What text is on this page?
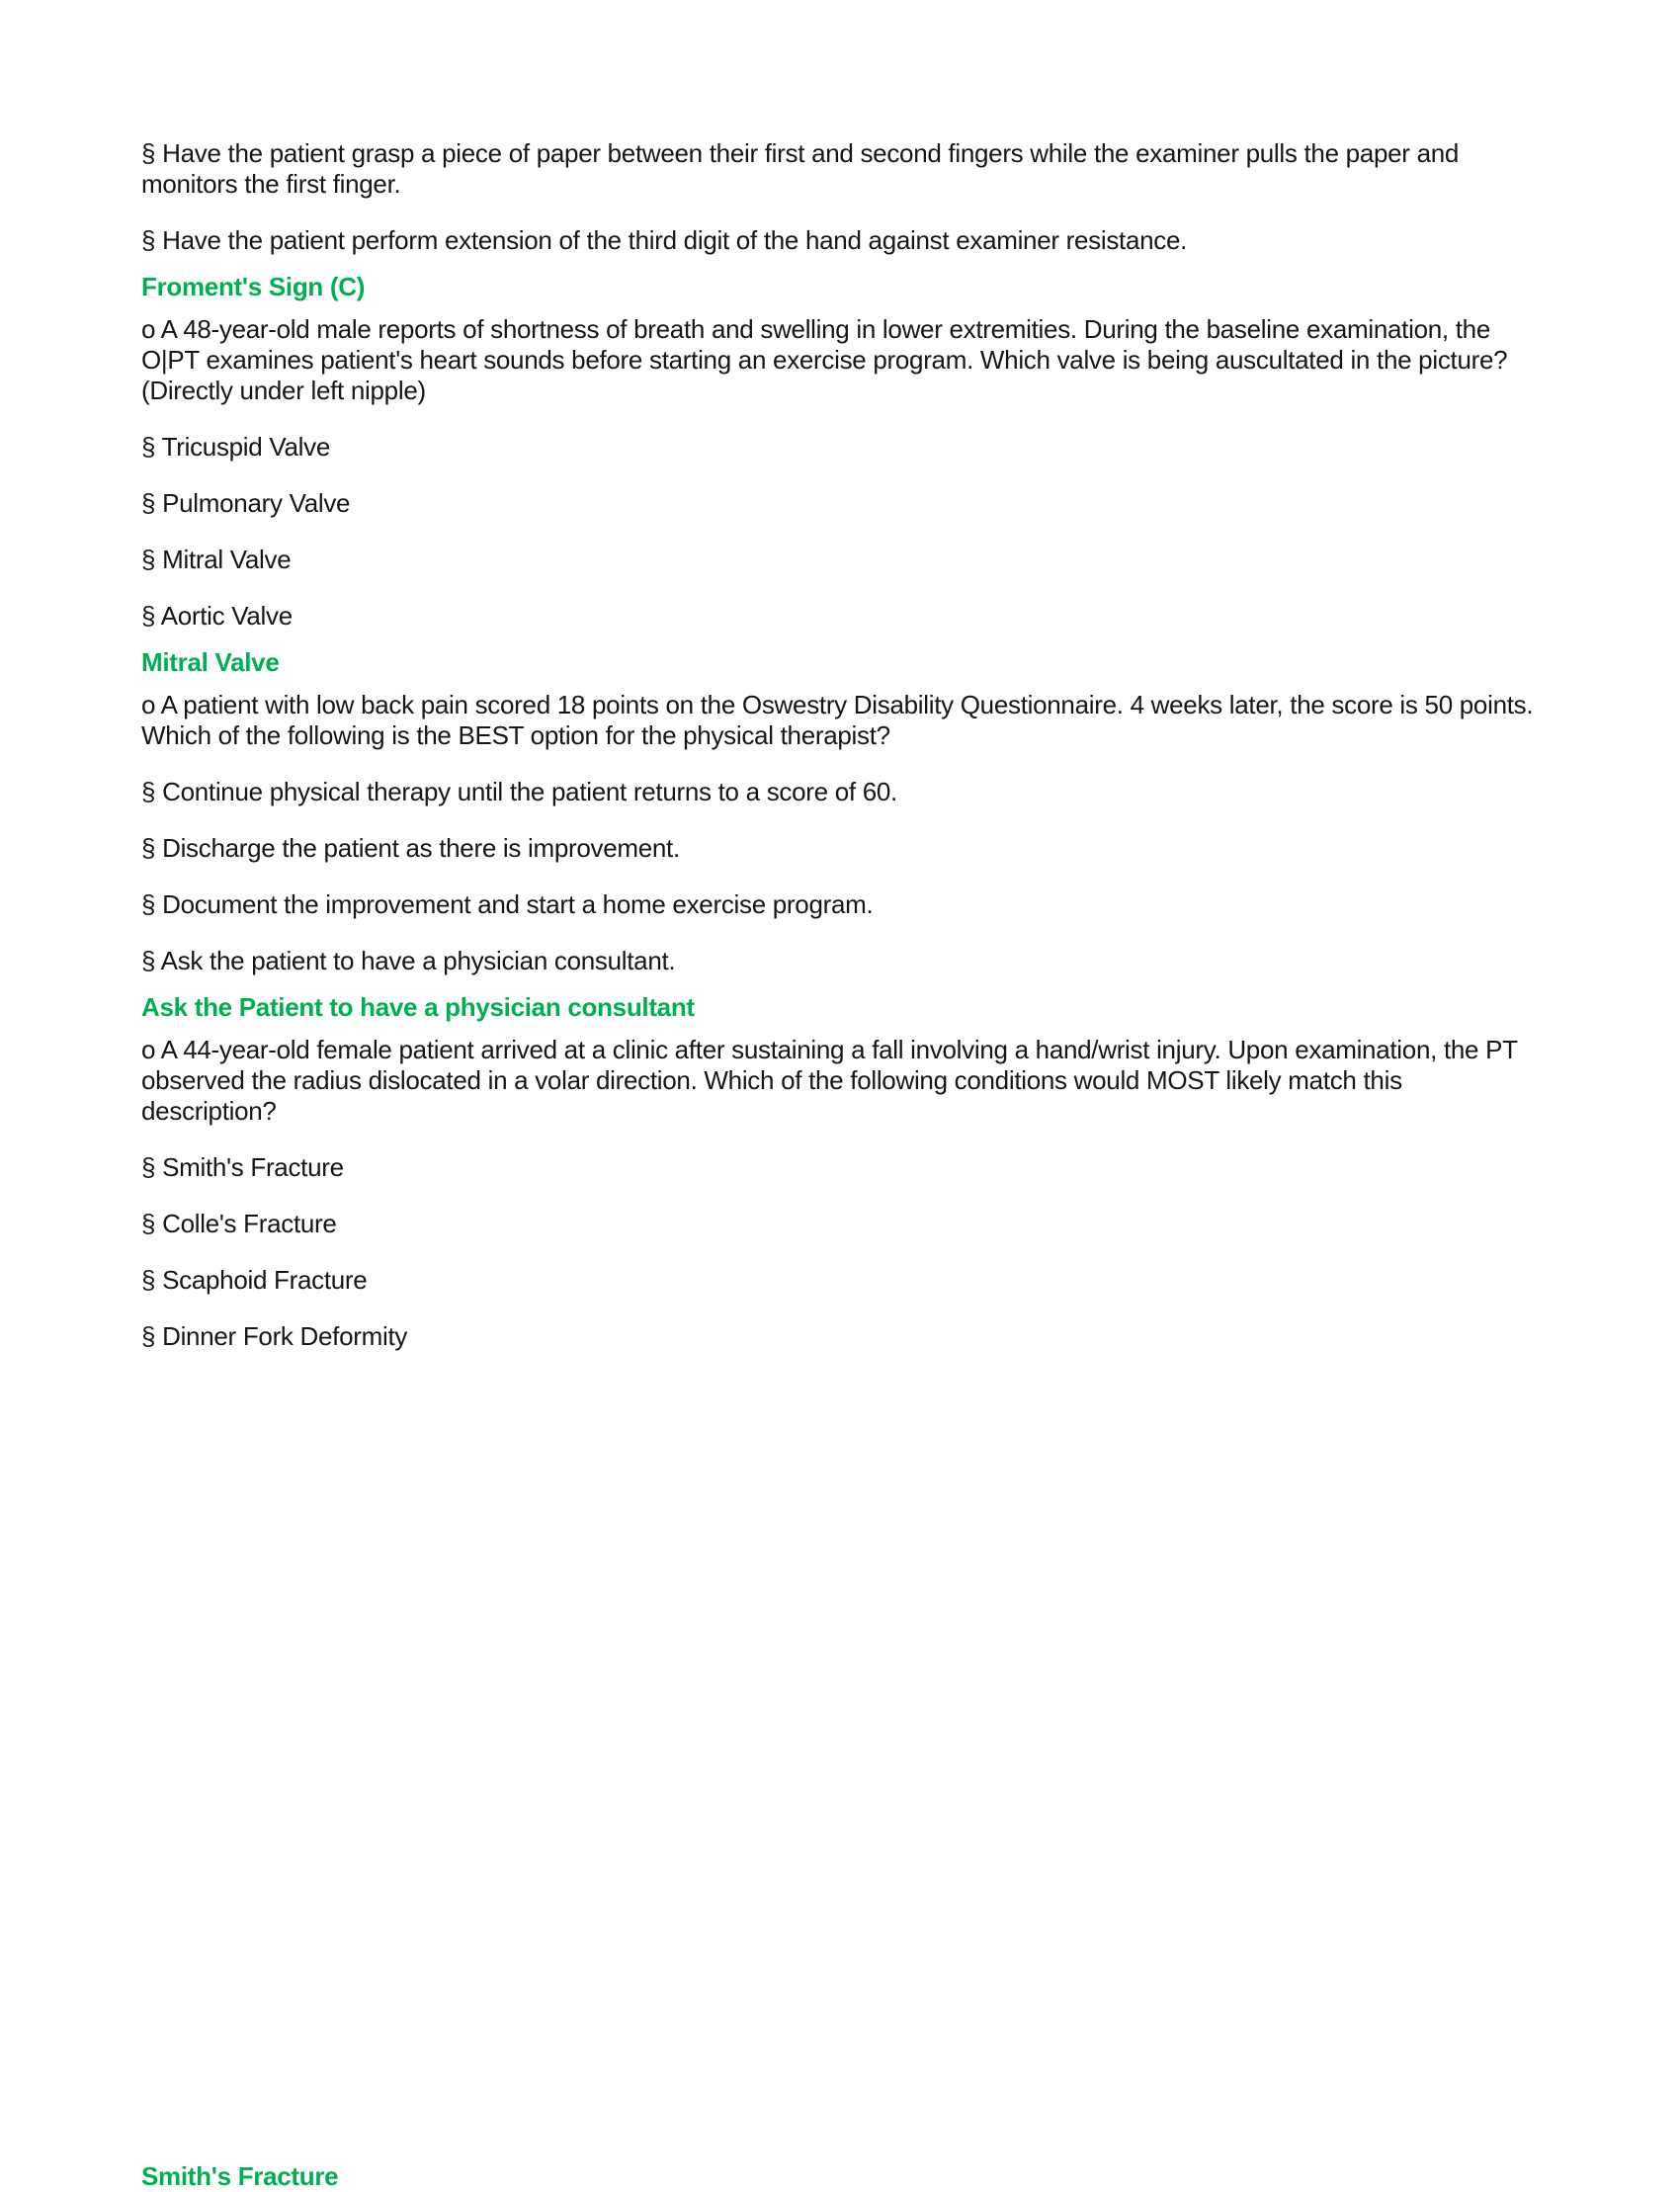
§ Have the patient grasp a piece of paper between their first and second fingers while the examiner pulls the paper and monitors the first finger.

§ Have the patient perform extension of the third digit of the hand against examiner resistance.

Froment's Sign (C)

o A 48-year-old male reports of shortness of breath and swelling in lower extremities. During the baseline examination, the O|PT examines patient's heart sounds before starting an exercise program. Which valve is being auscultated in the picture? (Directly under left nipple)

§ Tricuspid Valve

§ Pulmonary Valve

§ Mitral Valve

§ Aortic Valve

Mitral Valve

o A patient with low back pain scored 18 points on the Oswestry Disability Questionnaire. 4 weeks later, the score is 50 points. Which of the following is the BEST option for the physical therapist?

§ Continue physical therapy until the patient returns to a score of 60.

§ Discharge the patient as there is improvement.

§ Document the improvement and start a home exercise program.

§ Ask the patient to have a physician consultant.

Ask the Patient to have a physician consultant

o A 44-year-old female patient arrived at a clinic after sustaining a fall involving a hand/wrist injury. Upon examination, the PT observed the radius dislocated in a volar direction. Which of the following conditions would MOST likely match this description?

§ Smith's Fracture

§ Colle's Fracture

§ Scaphoid Fracture

§ Dinner Fork Deformity

Smith's Fracture
